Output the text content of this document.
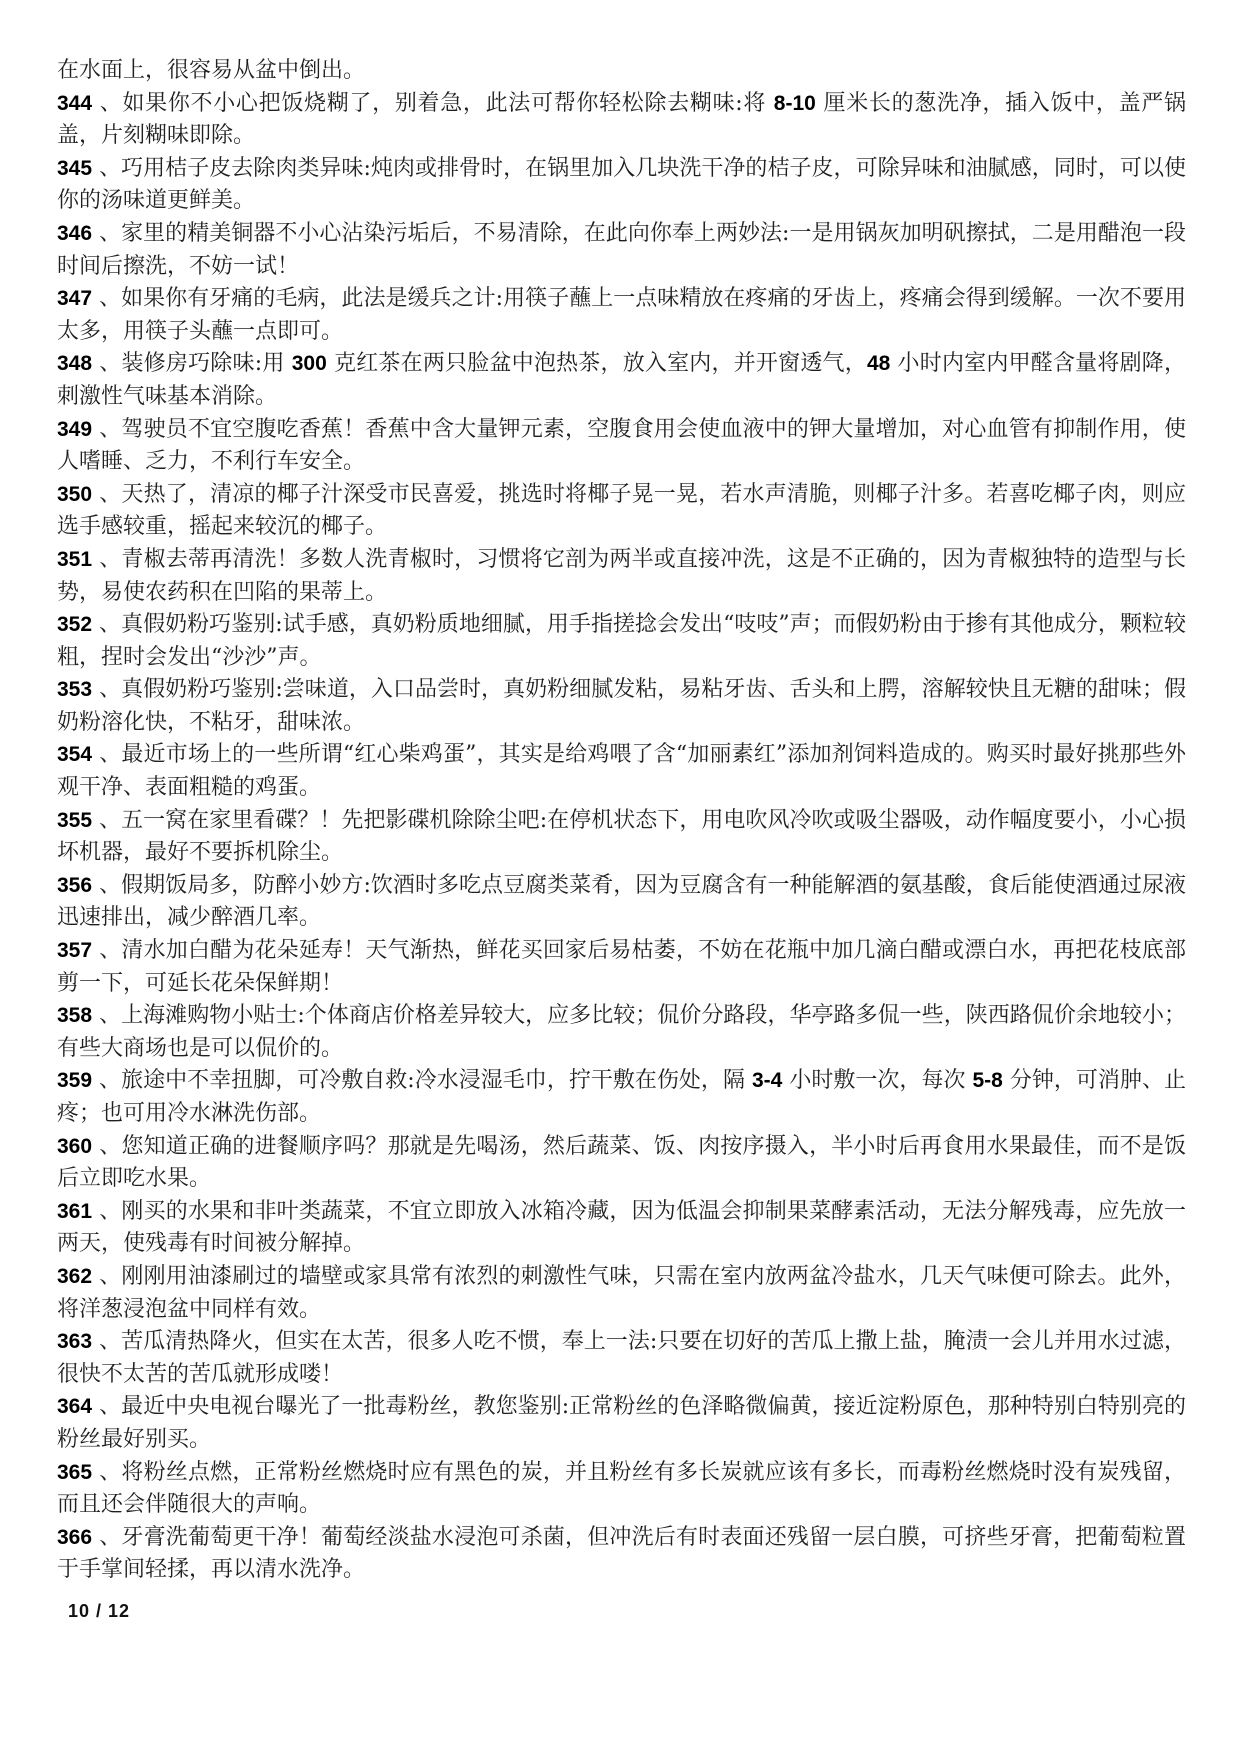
在水面上，很容易从盆中倒出。

344 、如果你不小心把饭烧糊了，别着急，此法可帮你轻松除去糊味:将 8-10 厘米长的葱洗净，插入饭中，盖严锅盖，片刻糊味即除。

345 、巧用桔子皮去除肉类异味:炖肉或排骨时，在锅里加入几块洗干净的桔子皮，可除异味和油腻感，同时，可以使你的汤味道更鲜美。

346 、家里的精美铜器不小心沾染污垢后，不易清除，在此向你奉上两妙法:一是用锅灰加明矾擦拭，二是用醋泡一段时间后擦洗，不妨一试！

347 、如果你有牙痛的毛病，此法是缓兵之计:用筷子蘸上一点味精放在疼痛的牙齿上，疼痛会得到缓解。一次不要用太多，用筷子头蘸一点即可。

348 、装修房巧除味:用 300 克红茶在两只脸盆中泡热茶，放入室内，并开窗透气，48 小时内室内甲醛含量将剧降，刺激性气味基本消除。

349 、驾驶员不宜空腹吃香蕉！香蕉中含大量钾元素，空腹食用会使血液中的钾大量增加，对心血管有抑制作用，使人嗜睡、乏力，不利行车安全。

350 、天热了，清凉的椰子汁深受市民喜爱，挑选时将椰子晃一晃，若水声清脆，则椰子汁多。若喜吃椰子肉，则应选手感较重，摇起来较沉的椰子。

351 、青椒去蒂再清洗！多数人洗青椒时，习惯将它剖为两半或直接冲洗，这是不正确的，因为青椒独特的造型与长势，易使农药积在凹陷的果蒂上。

352 、真假奶粉巧鉴别:试手感，真奶粉质地细腻，用手指搓捻会发出“吱吱”声；而假奶粉由于掺有其他成分，颗粒较粗，捏时会发出“沙沙”声。

353 、真假奶粉巧鉴别:尝味道，入口品尝时，真奶粉细腻发粘，易粘牙齿、舌头和上腭，溶解较快且无糖的甜味；假奶粉溶化快，不粘牙，甜味浓。

354 、最近市场上的一些所谓“红心柴鸡蛋”，其实是给鸡喂了含“加丽素红”添加剂饲料造成的。购买时最好挑那些外观干净、表面粗糙的鸡蛋。

355 、五一窝在家里看碟？！先把影碟机除除尘吧:在停机状态下，用电吹风冷吹或吸尘器吸，动作幅度要小，小心损坏机器，最好不要拆机除尘。

356 、假期饭局多，防醉小妙方:饮酒时多吃点豆腐类菜肴，因为豆腐含有一种能解酒的氨基酸，食后能使酒通过尿液迅速排出，减少醉酒几率。

357 、清水加白醋为花朵延寿！天气渐热，鲜花买回家后易枯萎，不妨在花瓶中加几滴白醋或漂白水，再把花枝底部剪一下，可延长花朵保鲜期！

358 、上海滩购物小贴士:个体商店价格差异较大，应多比较；侃价分路段，华亭路多侃一些，陕西路侃价余地较小；有些大商场也是可以侃价的。

359 、旅途中不幸扭脚，可冷敷自救:冷水浸湿毛巾，拧干敷在伤处，隔 3-4 小时敷一次，每次 5-8 分钟，可消肿、止疼；也可用冷水淋洗伤部。

360 、您知道正确的进餐顺序吗？那就是先喝汤，然后蔬菜、饭、肉按序摄入，半小时后再食用水果最佳，而不是饭后立即吃水果。

361 、刚买的水果和非叶类蔬菜，不宜立即放入冰箱冷藏，因为低温会抑制果菜酵素活动，无法分解残毒，应先放一两天，使残毒有时间被分解掉。

362 、刚刚用油漆刷过的墙壁或家具常有浓烈的刺激性气味，只需在室内放两盆冷盐水，几天气味便可除去。此外，将洋葱浸泡盆中同样有效。

363 、苦瓜清热降火，但实在太苦，很多人吃不惯，奉上一法:只要在切好的苦瓜上撒上盐，腌渍一会儿并用水过滤，很快不太苦的苦瓜就形成喽！

364 、最近中央电视台曝光了一批毒粉丝，教您鉴别:正常粉丝的色泽略微偏黄，接近淀粉原色，那种特别白特别亮的粉丝最好别买。

365 、将粉丝点燃，正常粉丝燃烧时应有黑色的炭，并且粉丝有多长炭就应该有多长，而毒粉丝燃烧时没有炭残留，而且还会伴随很大的声响。

366 、牙膏洗葡萄更干净！葡萄经淡盐水浸泡可杀菌，但冲洗后有时表面还残留一层白膜，可挤些牙膏，把葡萄粒置于手掌间轻揉，再以清水洗净。

10 / 12
